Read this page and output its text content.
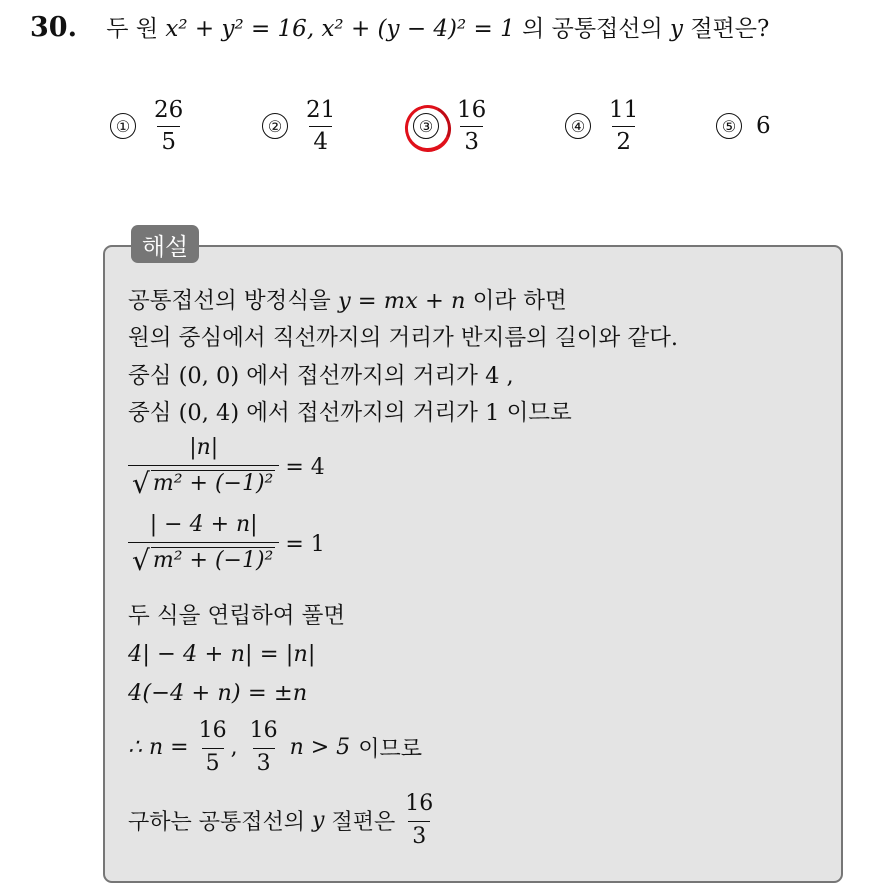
30. 두 원 x² + y² = 16, x² + (y − 4)² = 1 의 공통접선의 y 절편은?
① $\frac{26}{5}$	② $\frac{21}{4}$	③ $\frac{16}{3}$	④ $\frac{11}{2}$	⑤ 6
해설
공통접선의 방정식을 y = mx + n 이라 하면
원의 중심에서 직선까지의 거리가 반지름의 길이와 같다.
중심 (0, 0) 에서 접선까지의 거리가 4 ,
중심 (0, 4) 에서 접선까지의 거리가 1 이므로
$\frac{|n|}{\text{√ m² + (−1)²}} = 4$
$\frac{| - 4 + n|}{\text{√ m² + (−1)²}} = 1$
두 식을 연립하여 풀면
4| − 4 + n| = |n|
4(−4 + n) = ±n
∴ $n = \frac{16}{5}$ , $\frac{16}{3}$ n > 5 이므로
구하는 공통접선의 y 절편은 $\frac{16}{3}$
